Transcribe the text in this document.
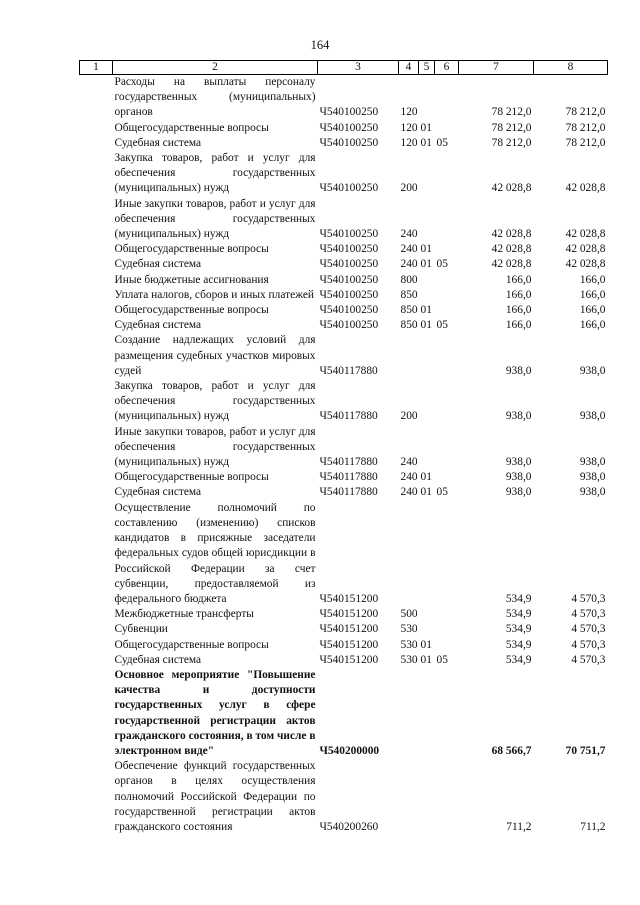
164
1	2	3	4	5	6	7	8
	Расходы на выплаты персоналу государственных (муниципальных) органов	Ч540100250	120			78 212,0	78 212,0
	Общегосударственные вопросы	Ч540100250	120	01		78 212,0	78 212,0
	Судебная система	Ч540100250	120	01	05	78 212,0	78 212,0
	Закупка товаров, работ и услуг для обеспечения государственных (муниципальных) нужд	Ч540100250	200			42 028,8	42 028,8
	Иные закупки товаров, работ и услуг для обеспечения государственных (муниципальных) нужд	Ч540100250	240			42 028,8	42 028,8
	Общегосударственные вопросы	Ч540100250	240	01		42 028,8	42 028,8
	Судебная система	Ч540100250	240	01	05	42 028,8	42 028,8
	Иные бюджетные ассигнования	Ч540100250	800			166,0	166,0
	Уплата налогов, сборов и иных платежей	Ч540100250	850			166,0	166,0
	Общегосударственные вопросы	Ч540100250	850	01		166,0	166,0
	Судебная система	Ч540100250	850	01	05	166,0	166,0
	Создание надлежащих условий для размещения судебных участков мировых судей	Ч540117880				938,0	938,0
	Закупка товаров, работ и услуг для обеспечения государственных (муниципальных) нужд	Ч540117880	200			938,0	938,0
	Иные закупки товаров, работ и услуг для обеспечения государственных (муниципальных) нужд	Ч540117880	240			938,0	938,0
	Общегосударственные вопросы	Ч540117880	240	01		938,0	938,0
	Судебная система	Ч540117880	240	01	05	938,0	938,0
	Осуществление полномочий по составлению (изменению) списков кандидатов в присяжные заседатели федеральных судов общей юрисдикции в Российской Федерации за счет субвенции, предоставляемой из федерального бюджета	Ч540151200				534,9	4 570,3
	Межбюджетные трансферты	Ч540151200	500			534,9	4 570,3
	Субвенции	Ч540151200	530			534,9	4 570,3
	Общегосударственные вопросы	Ч540151200	530	01		534,9	4 570,3
	Судебная система	Ч540151200	530	01	05	534,9	4 570,3
	Основное мероприятие "Повышение качества и доступности государственных услуг в сфере государственной регистрации актов гражданского состояния, в том числе в электронном виде"	Ч540200000				68 566,7	70 751,7
	Обеспечение функций государственных органов в целях осуществления полномочий Российской Федерации по государственной регистрации актов гражданского состояния	Ч540200260				711,2	711,2
